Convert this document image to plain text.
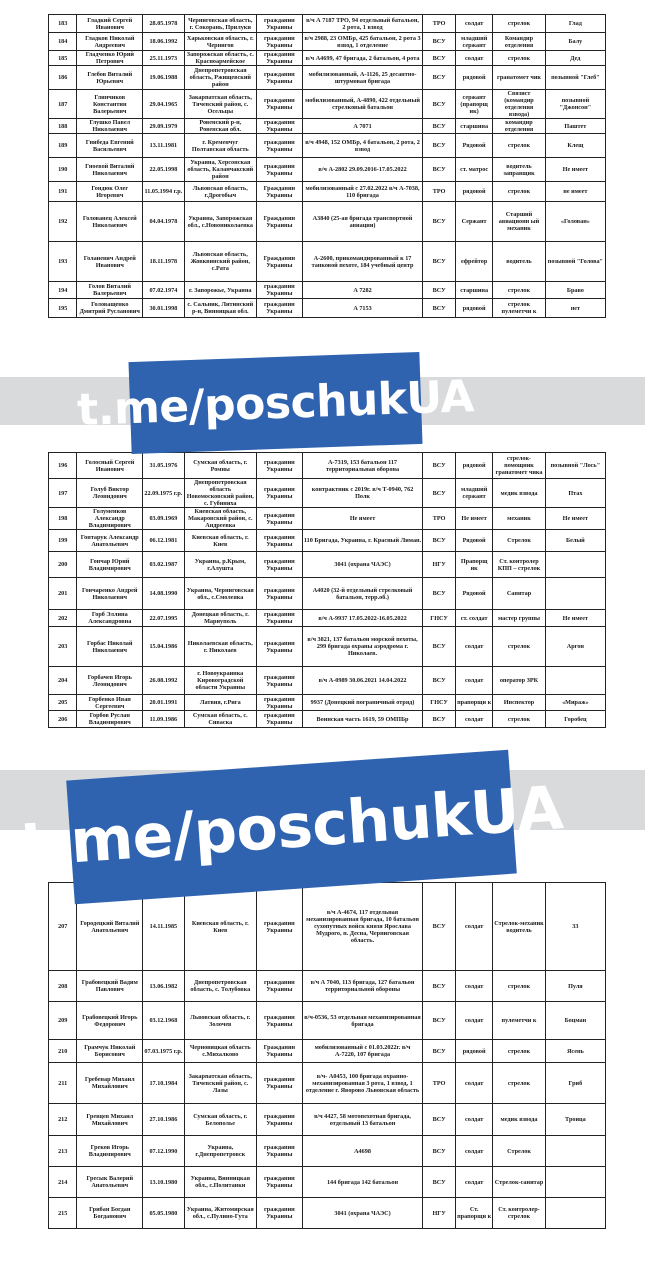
183	Гладкий Сергей Иванович	28.05.1978	Черниговская область, г. Сокорань, Прилуки	гражданин Украины	в/ч А 7187 ТРО, 94 отдельный батальон, 2 рота, 1 взвод	ТРО	солдат	стрелок	Глад
184	Гладков Николай Андреевич	18.06.1992	Харьковская область, г. Чернигов	гражданин Украины	в/ч 2988, 23 ОМБр, 425 батальон, 2 рота 3 взвод, 1 отделение	ВСУ	младший сержант	Командир отделения	Балу
185	Гладченко Юрий Петрович	25.11.1973	Запорожская область, с. Красноармейское	гражданин Украины	в/ч А4699, 47 бригада, 2 батальон, 4 рота	ВСУ	солдат	стрелок	Дед
186	Глебов Виталий Юрьевич	19.06.1988	Днепропетровская область, Ржищевский район	гражданин Украины	мобилизованный, А-1126, 25 десантно-штурмовая бригада	ВСУ	рядовой	гранатомет чик	позывной "Глеб"
187	Глинчиков Константин Валерьевич	29.04.1965	Закарпатская область, Тячевский район, с. Осельцы	гражданин Украины	мобилизованный, А-4890, 422 отдельный стрелковый батальон	ВСУ	сержант (прапорщ ик)	Связист (командир отделения взвода)	позывной "Джонсон"
188	Глушко Павел Николаевич	29.09.1979	Ровенский р-н, Ровенская обл.	гражданин Украины	А 7071	ВСУ	старшина	командир отделения	Паштет
189	Гнибеда Евгений Васильевич	13.11.1981	г. Кременчуг Полтавская область	гражданин Украины	в/ч 4948, 152 ОМБр, 4 батальон, 2 рота, 2 взвод	ВСУ	Рядовой	стрелок	Клещ
190	Гноевой Виталий Николаевич	22.05.1998	Украина, Херсонская область, Каланчакский район	гражданин Украины	в/ч А-2802 29.09.2016-17.05.2022	ВСУ	ст. матрос	водитель заправщик	Не имеет
191	Гондюк Олег Игоревич	11.05.1994 г.р.	Львовская область, г.Дрогобыч	Гражданин Украины	мобилизованный с 27.02.2022 в/ч А-7038, 110 бригада	ТРО	рядовой	стрелок	не имеет
192	Голованец Алексей Николаевич	04.04.1978	Украина, Запорожская обл., с.Новониколаевка	Гражданин Украины	А3840 (25-ая бригада транспортной авиации)	ВСУ	Сержант	Старший авиационн ый механик	«Голован»
193	Голаневич Андрей Иванович	18.11.1978	Львовская область, Жовквинский район, с.Рата	Гражданин Украины	А-2600, прикомандированный к 17 танковой пехоте, 184 учебный центр	ВСУ	ефрейтор	водитель	позывной "Голова"
194	Голов Виталий Валерьевич	07.02.1974	г. Запорожье, Украина	гражданин Украины	А 7282	ВСУ	старшина	стрелок	Браво
195	Головащенко Дмитрий Русланович	30.01.1998	с. Сальник, Литинский р-н, Винницкая обл.	гражданин Украины	А 7153	ВСУ	рядовой	стрелок пулеметчи к	нет
196	Голосный Сергей Иванович	31.05.1976	Сумская область, г. Ромны	гражданин Украины	А-7319, 153 батальон 117 территориальная оборона	ВСУ	рядовой	стрелок-помощник гранатомет чика	позывной "Лось"
197	Голуб Виктор Леонидович	22.09.1975 г.р.	Днепропетровская область Новомосковский район, с. Губиниха	гражданин Украины	контрактник с 2019г. в/ч Т-0940, 762 Полк	ВСУ	младший сержант	медик взвода	Птах
198	Голуменков Александр Владимирович	03.09.1969	Киевская область, Макаровский район, с. Андреевка	гражданин Украины	Не имеет	ТРО	Не имеет	механик	Не имеет
199	Гонтарук Александр Анатольевич	06.12.1981	Киевская область, г. Киев	гражданин Украины	110 Бригада, Украина, г. Красный Лиман.	ВСУ	Рядовой	Стрелок	Белый
200	Гончар Юрий Владимирович	03.02.1987	Украина, р.Крым, г.Алушта	гражданин Украины	3041 (охрана ЧАЭС)	НГУ	Прапорщ ик	Ст. контролер КПП – стрелок	
201	Гончаренко Андрей Николаевич	14.08.1990	Украина, Черниговская обл., с.Смолеяка	гражданин Украины	А4020 (32-й отдельный стрелковый батальон, терр.об.)	ВСУ	Рядовой	Санитар	
202	Горб Эллина Александровна	22.07.1995	Донецкая область, г. Мариуполь	гражданин Украины	в/ч А-9937 17.05.2022-16.05.2022	ГНСУ	ст. солдат	мастер группы	Не имеет
203	Горбас Николай Николаевич	15.04.1986	Николаевская область, г. Николаев	гражданин Украины	в/ч 3821, 137 батальон морской пехоты, 299 бригада охраны аэродрома г. Николаев.	ВСУ	солдат	стрелок	Аргон
204	Горбачев Игорь Леонидович	26.08.1992	г. Новоукраинка Кировоградской области Украины	гражданин Украины	в/ч А-0989 30.06.2021 14.04.2022	ВСУ	солдат	оператор ЗРК	
205	Горбенко Иван Сергеевич	20.01.1991	Латвия, г.Рига	гражданин Украины	9937 (Донецкий пограничный отряд)	ГНСУ	прапорщи к	Инспектор	«Мираж»
206	Горбов Руслан Владимирович	11.09.1986	Сумская область, с. Сиваска	гражданин Украины	Воинская часть 1619, 59 ОМПБр	ВСУ	солдат	стрелок	Горобец
207	Городецкий Виталий Анатольевич	14.11.1985	Киевская область, г. Киев	гражданин Украины	в/ч А-4674, 117 отдельная механизированная бригада, 10 батальон сухопутных войск князя Ярослава Мудрого, п. Десна, Черниговская область.	ВСУ	солдат	Стрелок-механик водитель	33
208	Грабовецкий Вадим Павлович	13.06.1982	Днепропетровская область, с. Толубовка	гражданин Украины	в/ч А 7040, 113 бригада, 127 батальон территориальной обороны	ВСУ	солдат	стрелок	Пуля
209	Грабовецкий Игорь Федорович	03.12.1968	Львовская область, г. Золочев	гражданин Украины	в/ч-0536, 53 отдельная механизированная бригада	ВСУ	солдат	пулеметчи к	Боцман
210	Грамчук Николай Борисович	07.03.1975 г.р.	Черновицкая область с.Михалково	Гражданин Украины	мобилизованный с 01.03.2022г. в/ч А-7220, 107 бригада	ВСУ	рядовой	стрелок	Ясень
211	Гребенар Михаил Михайлович	17.10.1984	Закарпатская область, Тячевский район, с. Лазы	гражданин Украины	в/ч- А0453, 100 бригада охранно-механизированная 3 рота, 1 взвод, 1 отделение г. Яворово Львовская область	ТРО	солдат	стрелок	Гриб
212	Гревцев Михаил Михайлович	27.10.1986	Сумская область, г. Белополье	гражданин Украины	в/ч 4427, 58 мотопехотная бригада, отдельный 13 батальон	ВСУ	солдат	медик взвода	Троица
213	Греков Игорь Владимирович	07.12.1990	Украина, г.Днепропетровск	гражданин Украины	А4698	ВСУ	солдат	Стрелок	
214	Гресык Валерий Анатольевич	13.10.1980	Украина, Винницкая обл., с.Политанки	гражданин Украины	144 бригада 142 батальон	ВСУ	солдат	Стрелок-санитар	
215	Грибан Богдан Богданович	05.05.1980	Украина, Житомирская обл., с.Пулино-Гута	гражданин Украины	3041 (охрана ЧАЭС)	НГУ	Ст. прапорщи к	Ст. контролер-стрелок	
t.me/poschukUA
t.me/poschukUA
